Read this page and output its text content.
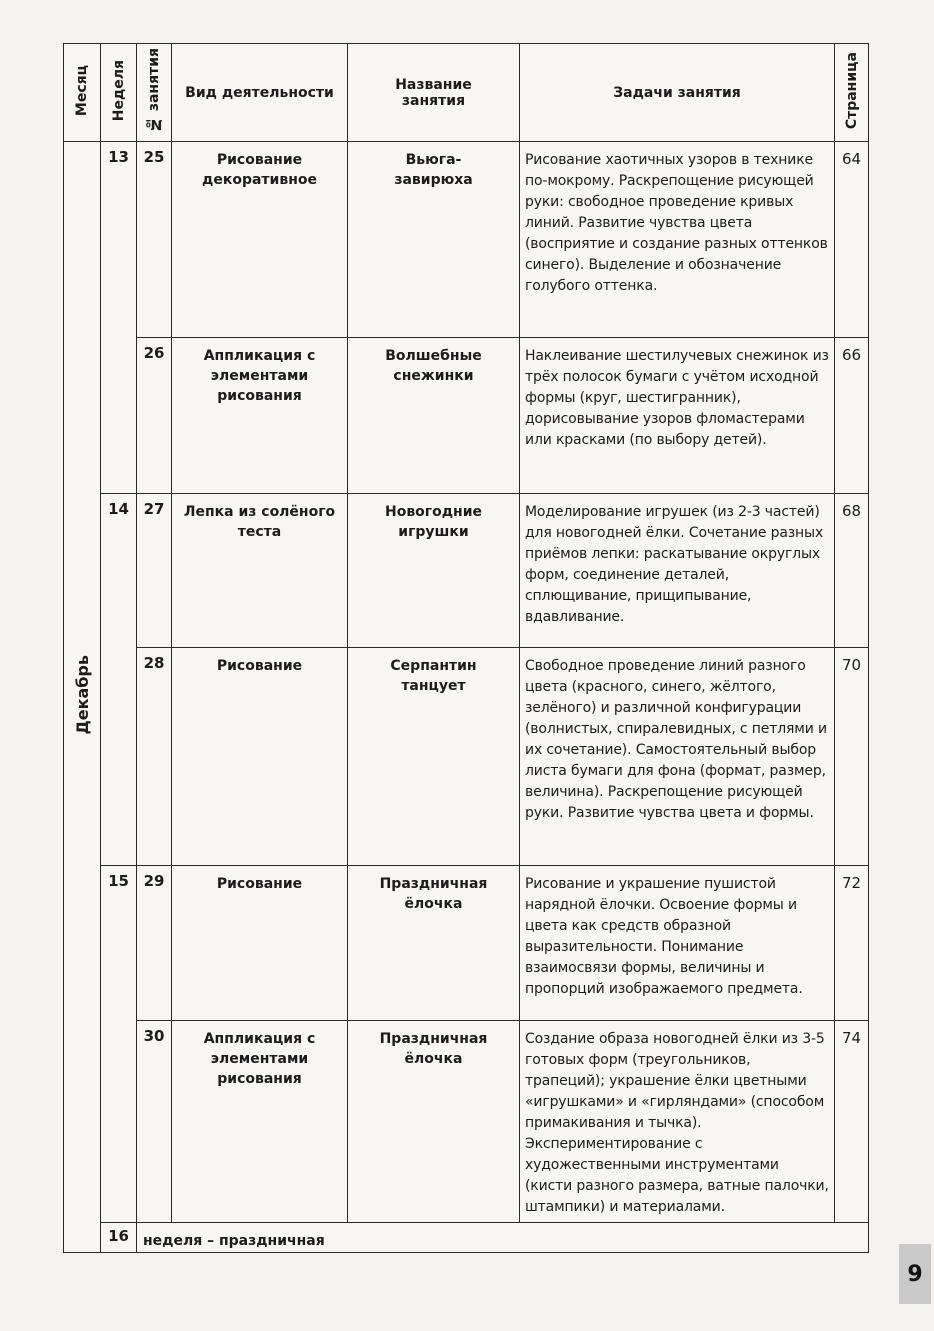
Месяц	Неделя	№ занятия	Вид деятельности	Название занятия	Задачи занятия	Страница
Декабрь	13	25	Рисование декоративное	Вьюга-завирюха	Рисование хаотичных узоров в технике по-мокрому. Раскрепощение рисующей руки: свободное проведение кривых линий. Развитие чувства цвета (восприятие и создание разных оттенков синего). Выделение и обозначение голубого оттенка.	64
		26	Аппликация с элементами рисования	Волшебные снежинки	Наклеивание шестилучевых снежинок из трёх полосок бумаги с учётом исходной формы (круг, шестигранник), дорисовывание узоров фломастерами или красками (по выбору детей).	66
	14	27	Лепка из солёного теста	Новогодние игрушки	Моделирование игрушек (из 2-3 частей) для новогодней ёлки. Сочетание разных приёмов лепки: раскатывание округлых форм, соединение деталей, сплющивание, прищипывание, вдавливание.	68
		28	Рисование	Серпантин танцует	Свободное проведение линий разного цвета (красного, синего, жёлтого, зелёного) и различной конфигурации (волнистых, спиралевидных, с петлями и их сочетание). Самостоятельный выбор листа бумаги для фона (формат, размер, величина). Раскрепощение рисующей руки. Развитие чувства цвета и формы.	70
	15	29	Рисование	Праздничная ёлочка	Рисование и украшение пушистой нарядной ёлочки. Освоение формы и цвета как средств образной выразительности. Понимание взаимосвязи формы, величины и пропорций изображаемого предмета.	72
		30	Аппликация с элементами рисования	Праздничная ёлочка	Создание образа новогодней ёлки из 3-5 готовых форм (треугольников, трапеций); украшение ёлки цветными «игрушками» и «гирляндами» (способом примакивания и тычка). Экспериментирование с художественными инструментами (кисти разного размера, ватные палочки, штампики) и материалами.	74
	16	неделя – праздничная				
9
